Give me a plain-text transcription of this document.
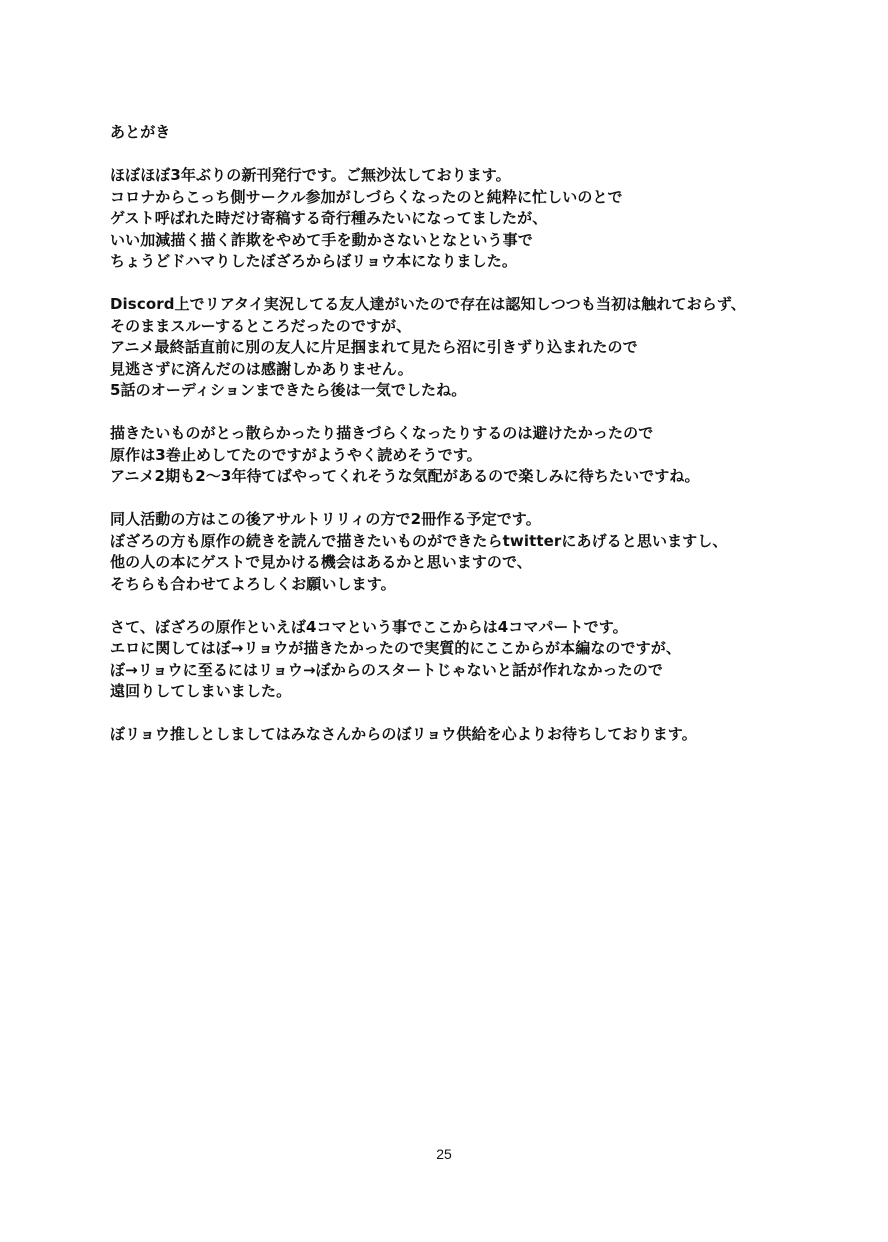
あとがき
ほぼほぼ3年ぶりの新刊発行です。ご無沙汰しております。
コロナからこっち側サークル参加がしづらくなったのと純粋に忙しいのとで
ゲスト呼ばれた時だけ寄稿する奇行種みたいになってましたが、
いい加減描く描く詐欺をやめて手を動かさないとなという事で
ちょうどドハマりしたぼざろからぼリョウ本になりました。
Discord上でリアタイ実況してる友人達がいたので存在は認知しつつも当初は触れておらず、
そのままスルーするところだったのですが、
アニメ最終話直前に別の友人に片足掴まれて見たら沼に引きずり込まれたので
見逃さずに済んだのは感謝しかありません。
5話のオーディションまできたら後は一気でしたね。
描きたいものがとっ散らかったり描きづらくなったりするのは避けたかったので
原作は3巻止めしてたのですがようやく読めそうです。
アニメ2期も2〜3年待てばやってくれそうな気配があるので楽しみに待ちたいですね。
同人活動の方はこの後アサルトリリィの方で2冊作る予定です。
ぼざろの方も原作の続きを読んで描きたいものができたらtwitterにあげると思いますし、
他の人の本にゲストで見かける機会はあるかと思いますので、
そちらも合わせてよろしくお願いします。
さて、ぼざろの原作といえば4コマという事でここからは4コマパートです。
エロに関してはぼ→リョウが描きたかったので実質的にここからが本編なのですが、
ぼ→リョウに至るにはリョウ→ぼからのスタートじゃないと話が作れなかったので
遠回りしてしまいました。
ぼリョウ推しとしましてはみなさんからのぼリョウ供給を心よりお待ちしております。
25
